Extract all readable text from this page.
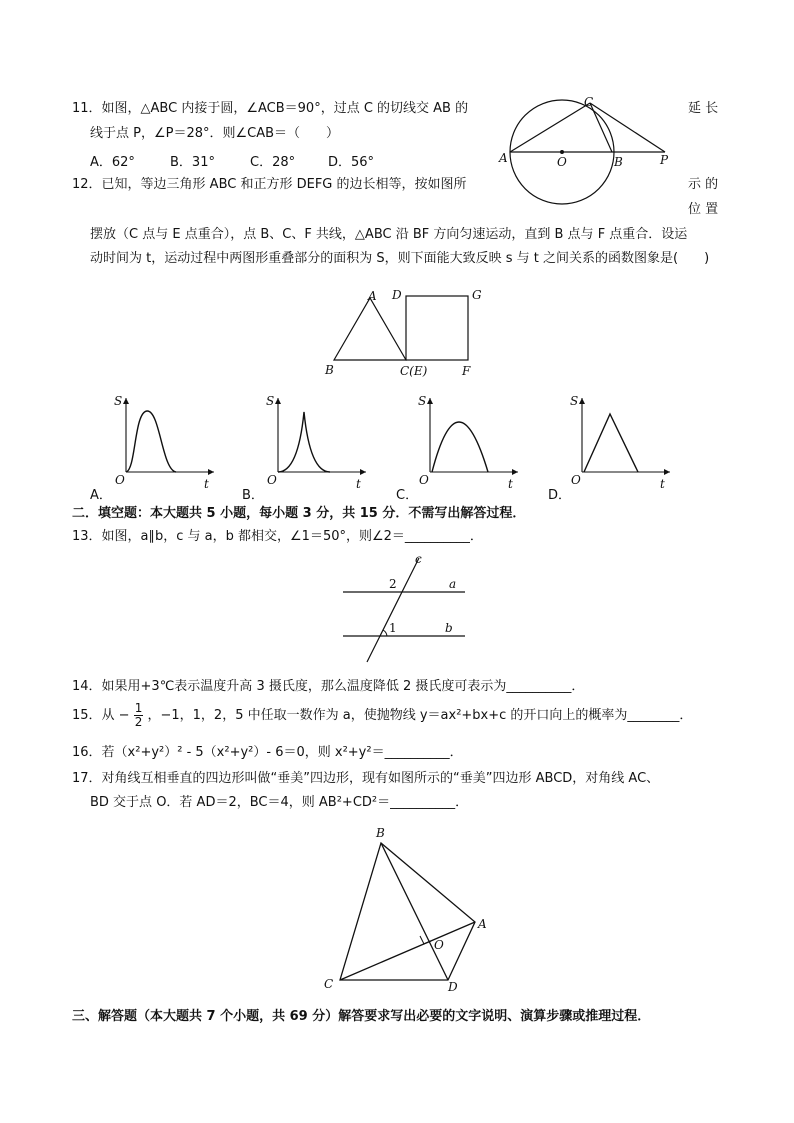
11．如图，△ABC 内接于圆，∠ACB＝90°，过点 C 的切线交 AB 的	延 长
线于点 P，∠P＝28°．则∠CAB＝（　　）
A．62°	B．31°	C．28°	D．56°	A	O	B	P
C
12．已知，等边三角形 ABC 和正方形 DEFG 的边长相等，按如图所	示 的
位 置
摆放（C 点与 E 点重合），点 B、C、F 共线，△ABC 沿 BF 方向匀速运动，直到 B 点与 F 点重合．设运
动时间为 t，运动过程中两图形重叠部分的面积为 S，则下面能大致反映 s 与 t 之间关系的函数图象是(　　)
A D	G
B	C(E)	F
S
O	t
A．
S
O	t
B．
S
O	t
C．
S
O	t
D．
二．填空题：本大题共 5 小题，每小题 3 分，共 15 分．不需写出解答过程．
13．如图，a∥b，c 与 a，b 都相交，∠1＝50°，则∠2＝__________．
c
2	a
1	b
14．如果用+3℃表示温度升高 3 摄氏度，那么温度降低 2 摄氏度可表示为__________．
15．从 − $\frac{1}{2}$ ，−1，1，2，5 中任取一数作为 a，使抛物线 y＝ax²+bx+c 的开口向上的概率为________．
16．若（x²+y²）² - 5（x²+y²）- 6＝0，则 x²+y²＝__________．
17．对角线互相垂直的四边形叫做“垂美”四边形，现有如图所示的“垂美”四边形 ABCD，对角线 AC、
BD 交于点 O．若 AD＝2，BC＝4，则 AB²+CD²＝__________．
B
A
O
C	D
三、解答题（本大题共 7 个小题，共 69 分）解答要求写出必要的文字说明、演算步骤或推理过程．
